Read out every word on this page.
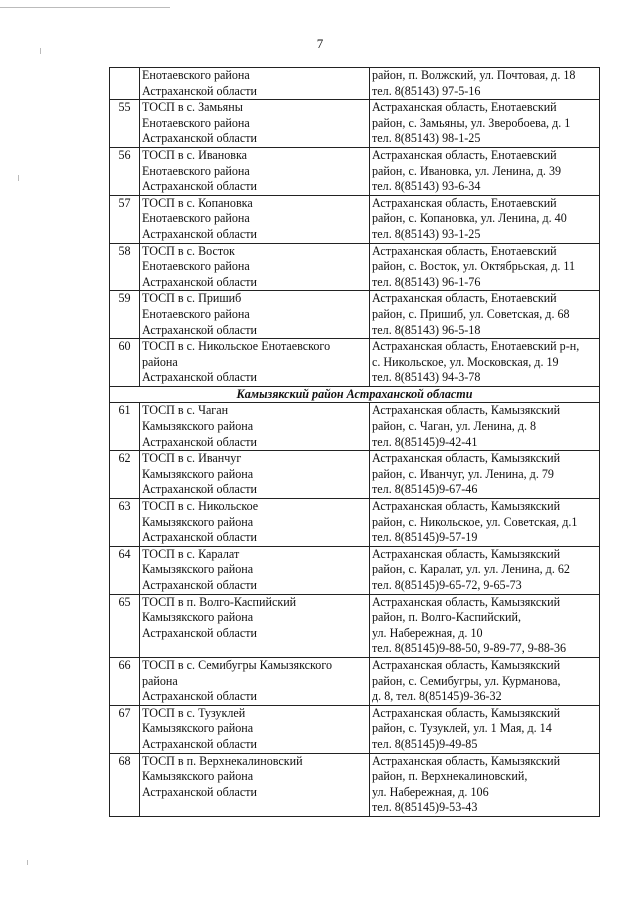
7

	Енотаевского района
Астраханской области	район, п. Волжский, ул. Почтовая, д. 18
тел. 8(85143) 97-5-16

55	ТОСП в с. Замьяны
Енотаевского района
Астраханской области	Астраханская область, Енотаевский
район, с. Замьяны, ул. Зверобоева, д. 1
тел. 8(85143) 98-1-25

56	ТОСП в с. Ивановка
Енотаевского района
Астраханской области	Астраханская область, Енотаевский
район, с. Ивановка, ул. Ленина, д. 39
тел. 8(85143) 93-6-34

57	ТОСП в с. Копановка
Енотаевского района
Астраханской области	Астраханская область, Енотаевский
район, с. Копановка, ул. Ленина, д. 40
тел. 8(85143) 93-1-25

58	ТОСП в с. Восток
Енотаевского района
Астраханской области	Астраханская область, Енотаевский
район, с. Восток, ул. Октябрьская, д. 11
тел. 8(85143) 96-1-76

59	ТОСП в с. Пришиб
Енотаевского района
Астраханской области	Астраханская область, Енотаевский
район, с. Пришиб, ул. Советская, д. 68
тел. 8(85143) 96-5-18

60	ТОСП в с. Никольское Енотаевского
района
Астраханской области	Астраханская область, Енотаевский р-н,
с. Никольское, ул. Московская, д. 19
тел. 8(85143) 94-3-78

Камызякский район Астраханской области		
61	ТОСП в с. Чаган
Камызякского района
Астраханской области	Астраханская область, Камызякский
район, с. Чаган, ул. Ленина, д. 8
тел. 8(85145)9-42-41

62	ТОСП в с. Иванчуг
Камызякского района
Астраханской области	Астраханская область, Камызякский
район, с. Иванчуг, ул. Ленина, д. 79
тел. 8(85145)9-67-46

63	ТОСП в с. Никольское
Камызякского района
Астраханской области	Астраханская область, Камызякский
район, с. Никольское, ул. Советская, д.1
тел. 8(85145)9-57-19

64	ТОСП в с. Каралат
Камызякского района
Астраханской области	Астраханская область, Камызякский
район, с. Каралат, ул. ул. Ленина, д. 62
тел. 8(85145)9-65-72, 9-65-73

65	ТОСП в п. Волго-Каспийский
Камызякского района
Астраханской области	Астраханская область, Камызякский
район, п. Волго-Каспийский,
ул. Набережная, д. 10
тел. 8(85145)9-88-50, 9-89-77, 9-88-36

66	ТОСП в с. Семибугры Камызякского
района
Астраханской области	Астраханская область, Камызякский
район, с. Семибугры, ул. Курманова,
д. 8, тел. 8(85145)9-36-32

67	ТОСП в с. Тузуклей
Камызякского района
Астраханской области	Астраханская область, Камызякский
район, с. Тузуклей, ул. 1 Мая, д. 14
тел. 8(85145)9-49-85

68	ТОСП в п. Верхнекалиновский
Камызякского района
Астраханской области	Астраханская область, Камызякский
район, п. Верхнекалиновский,
ул. Набережная, д. 106
тел. 8(85145)9-53-43
